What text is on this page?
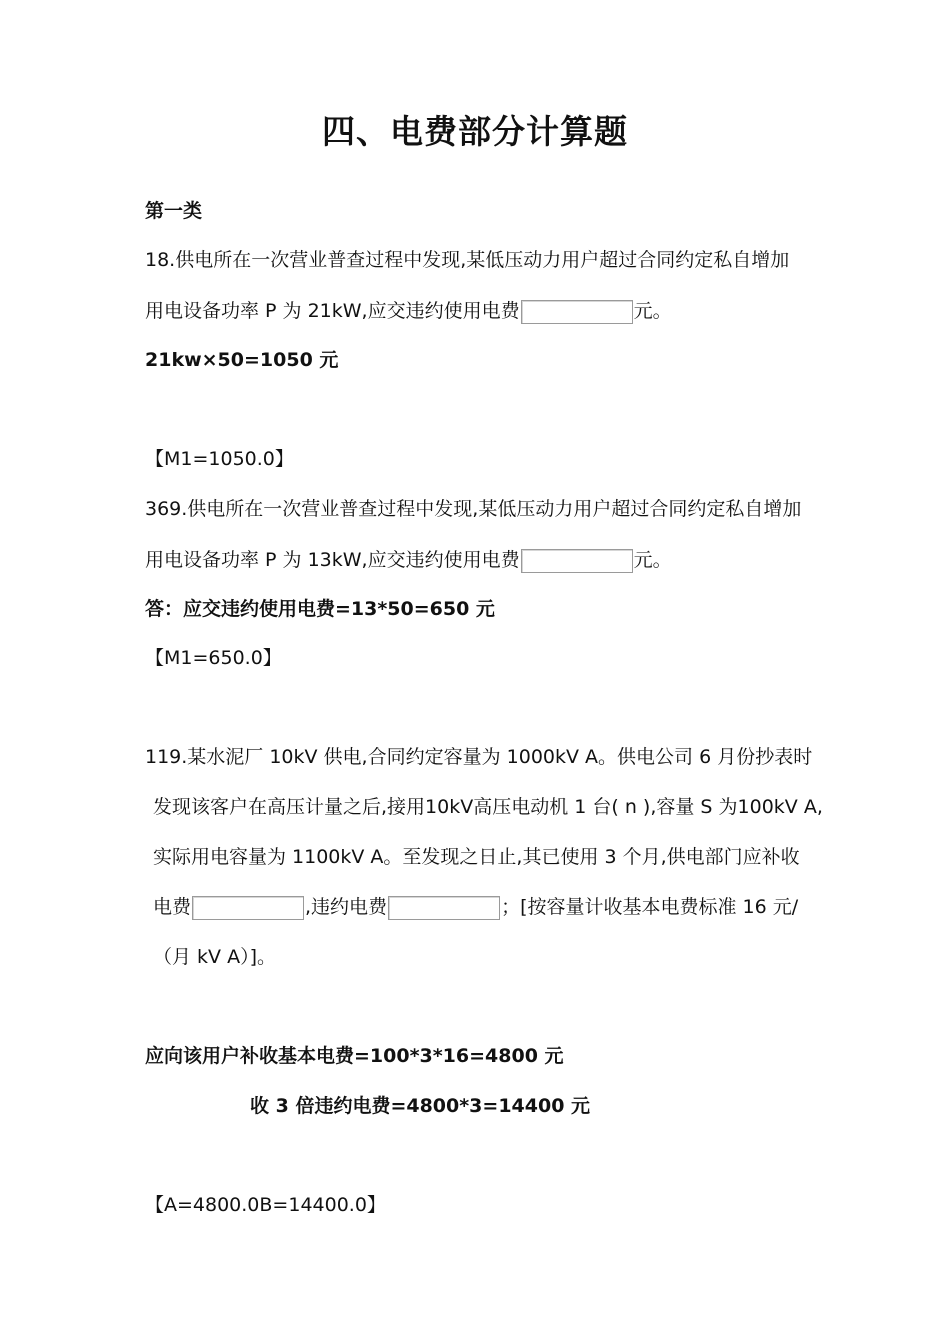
四、电费部分计算题
第一类
18.供电所在一次营业普查过程中发现,某低压动力用户超过合同约定私自增加
用电设备功率 P 为 21kW,应交违约使用电费	元。
21kw×50=1050 元
【M1=1050.0】
369.供电所在一次营业普查过程中发现,某低压动力用户超过合同约定私自增加
用电设备功率 P 为 13kW,应交违约使用电费	元。
答：应交违约使用电费=13*50=650 元
【M1=650.0】
119.某水泥厂 10kV 供电,合同约定容量为 1000kV A。供电公司 6 月份抄表时
发现该客户在高压计量之后,接用10kV高压电动机 1 台( n ),容量 S 为100kV A,
实际用电容量为 1100kV A。至发现之日止,其已使用 3 个月,供电部门应补收
电费	,违约电费	；[按容量计收基本电费标准 16 元/
（月 kV A）]。
应向该用户补收基本电费=100*3*16=4800 元
收 3 倍违约电费=4800*3=14400 元
【A=4800.0B=14400.0】
